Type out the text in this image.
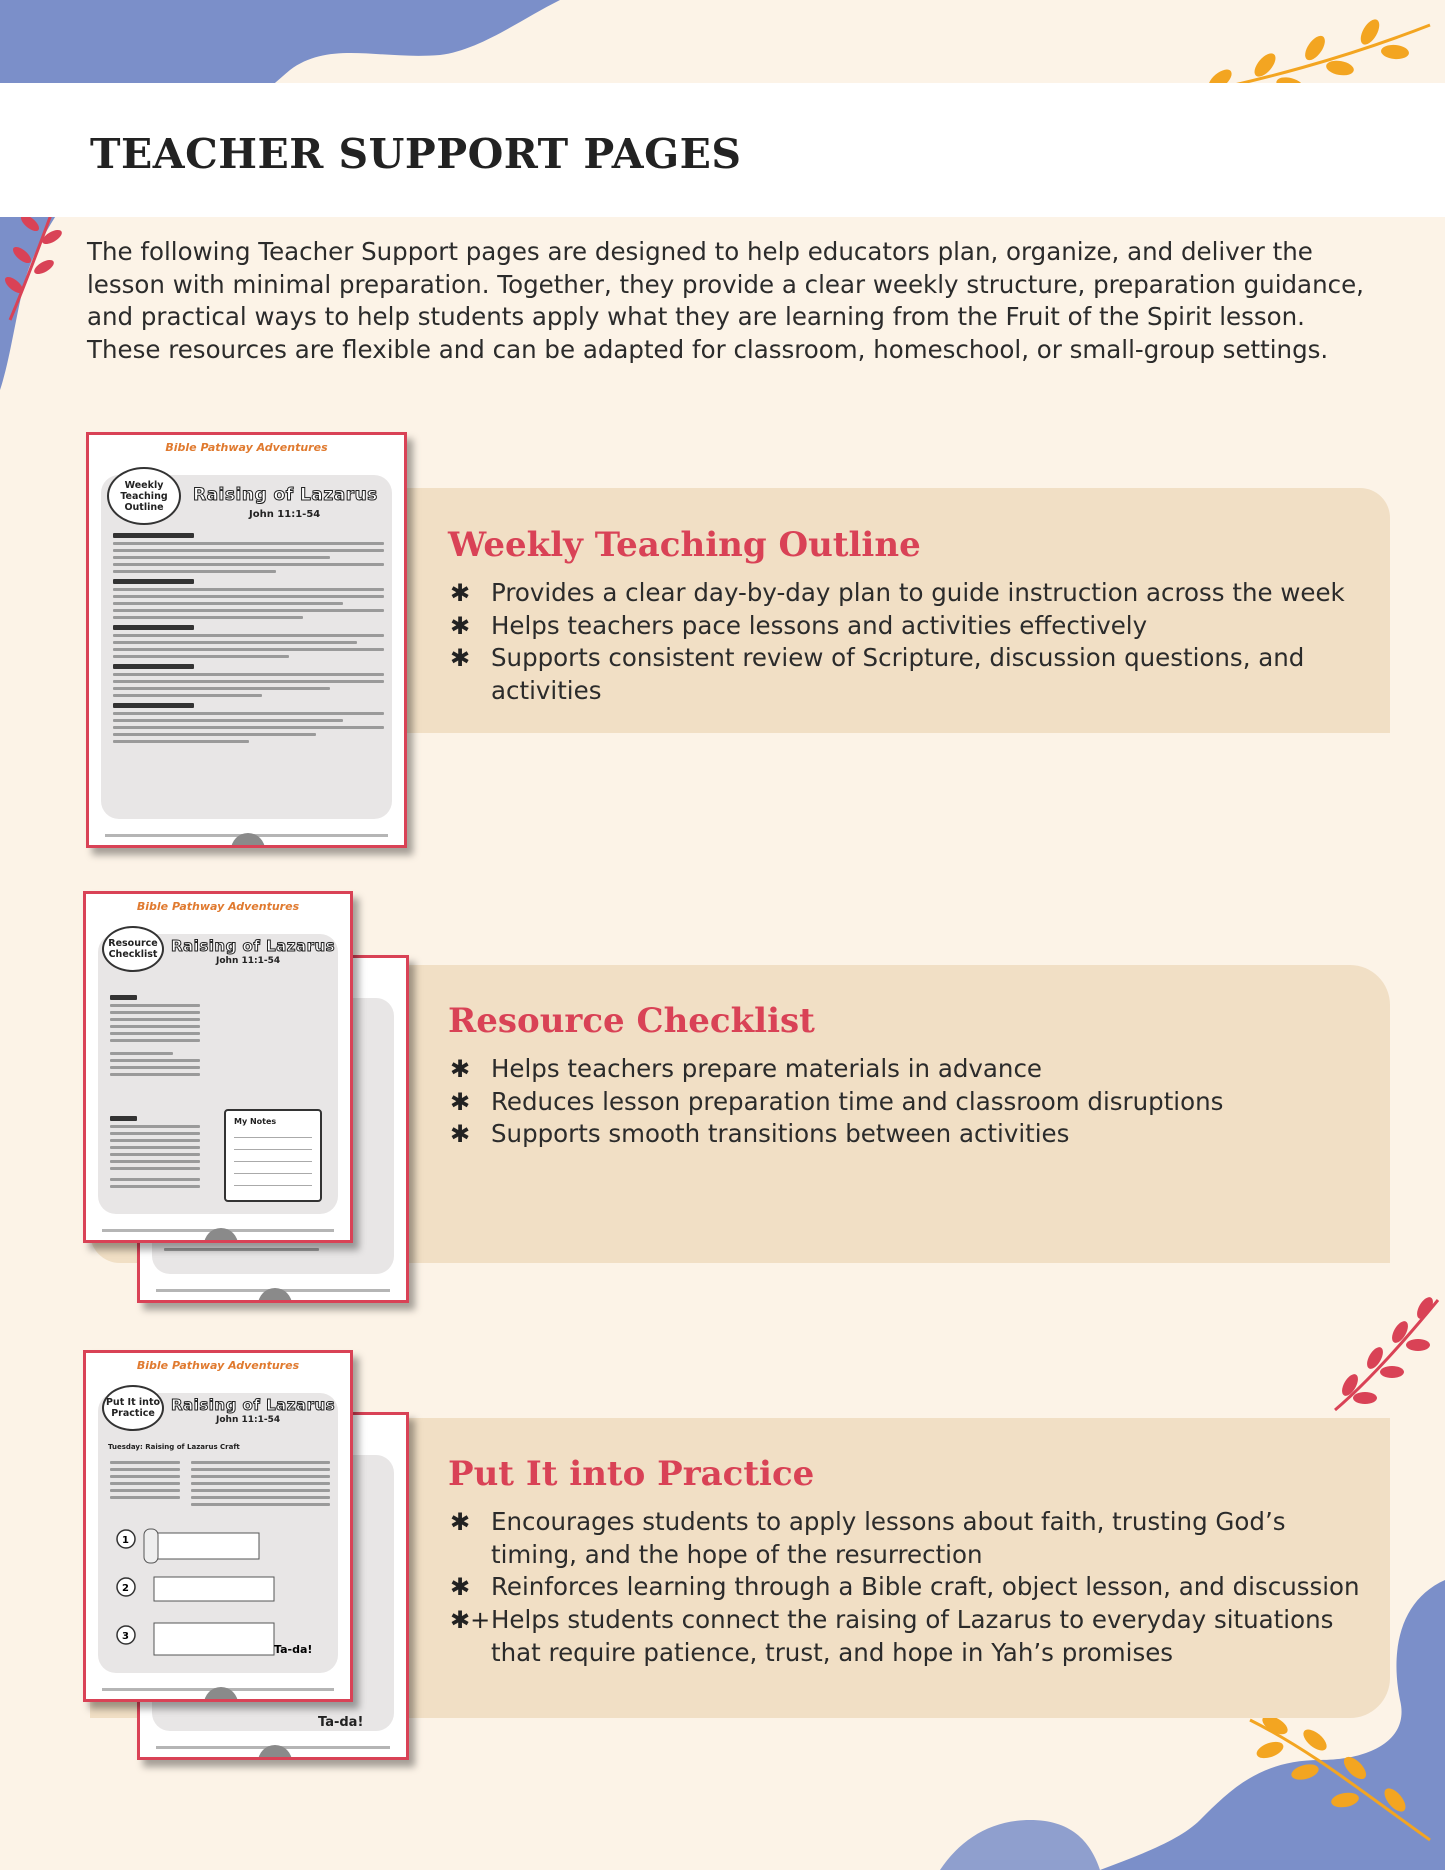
TEACHER SUPPORT PAGES

The following Teacher Support pages are designed to help educators plan, organize, and deliver the lesson with minimal preparation. Together, they provide a clear weekly structure, preparation guidance, and practical ways to help students apply what they are learning from the Fruit of the Spirit lesson. These resources are flexible and can be adapted for classroom, homeschool, or small-group settings.

Weekly Teaching Outline
✱ Provides a clear day-by-day plan to guide instruction across the week
✱ Helps teachers pace lessons and activities effectively
✱ Supports consistent review of Scripture, discussion questions, and activities
Bible Pathway Adventures
Weekly Teaching Outline
Raising of Lazarus
John 11:1-54
Resource Checklist
✱ Helps teachers prepare materials in advance
✱ Reduces lesson preparation time and classroom disruptions
✱ Supports smooth transitions between activities
Bible Pathway Adventures
Resource Checklist Raising of Lazarus
John 11:1-54
My Notes
Put It into Practice
✱ Encourages students to apply lessons about faith, trusting God’s timing, and the hope of the resurrection
✱ Reinforces learning through a Bible craft, object lesson, and discussion
✱+ Helps students connect the raising of Lazarus to everyday situations that require patience, trust, and hope in Yah’s promises
Ta-da!
Bible Pathway Adventures
Put It into Practice	Raising of Lazarus
John 11:1-54
Tuesday: Raising of Lazarus Craft
1
2
3
Ta-da!
